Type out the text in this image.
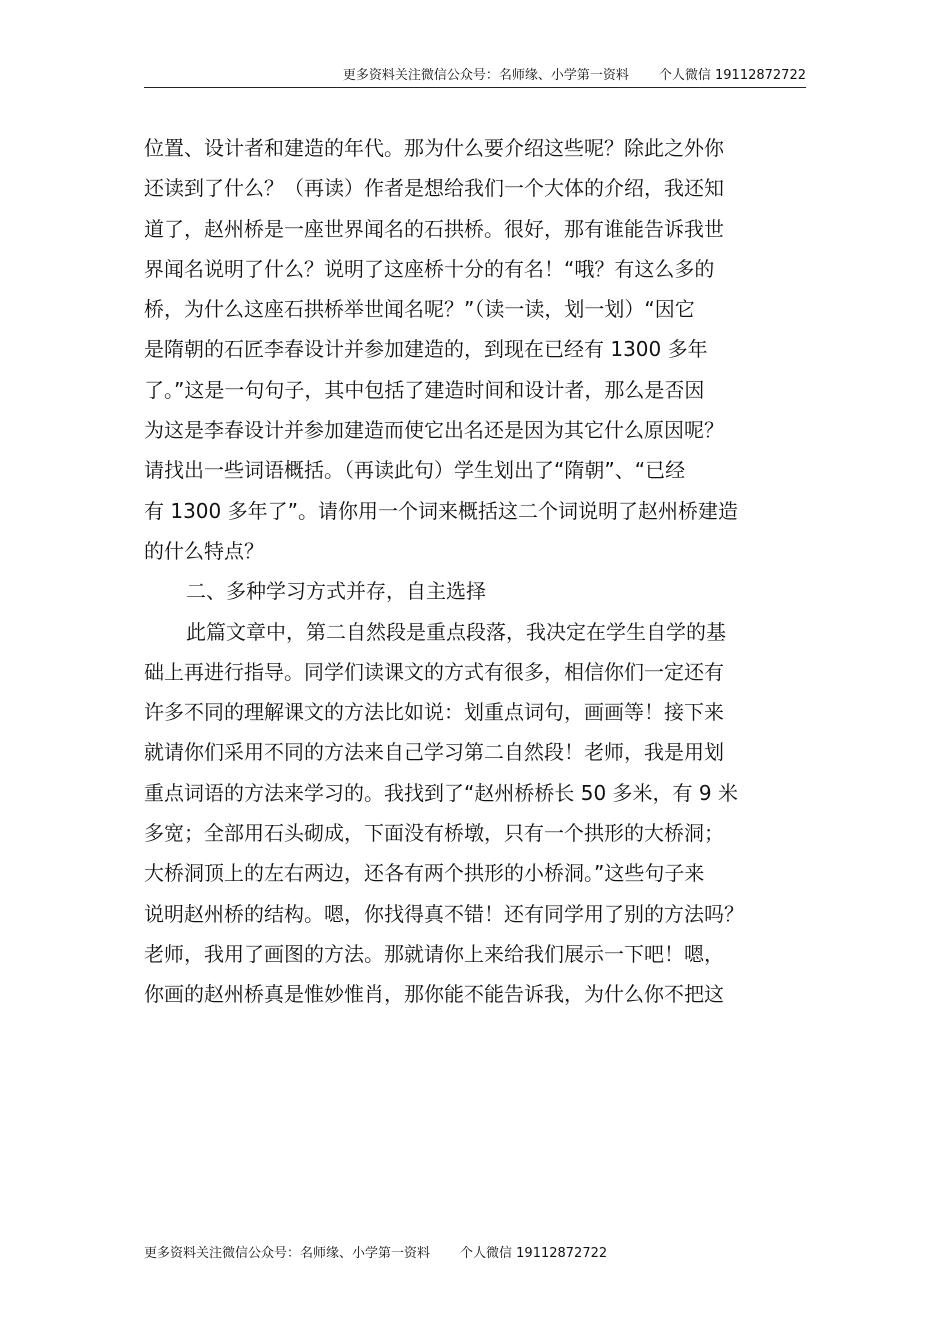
更多资料关注微信公众号：名师缘、小学第一资料 个人微信 19112872722
位置、设计者和建造的年代。那为什么要介绍这些呢？除此之外你
还读到了什么？（再读）作者是想给我们一个大体的介绍，我还知
道了，赵州桥是一座世界闻名的石拱桥。很好，那有谁能告诉我世
界闻名说明了什么？说明了这座桥十分的有名！“哦？有这么多的
桥，为什么这座石拱桥举世闻名呢？”（读一读，划一划）“因它
是隋朝的石匠李春设计并参加建造的，到现在已经有 1300 多年
了。”这是一句句子，其中包括了建造时间和设计者，那么是否因
为这是李春设计并参加建造而使它出名还是因为其它什么原因呢？
请找出一些词语概括。（再读此句）学生划出了“隋朝”、“已经
有 1300 多年了”。请你用一个词来概括这二个词说明了赵州桥建造
的什么特点？
二、多种学习方式并存，自主选择
此篇文章中，第二自然段是重点段落，我决定在学生自学的基
础上再进行指导。同学们读课文的方式有很多，相信你们一定还有
许多不同的理解课文的方法比如说：划重点词句，画画等！接下来
就请你们采用不同的方法来自己学习第二自然段！老师，我是用划
重点词语的方法来学习的。我找到了“赵州桥桥长 50 多米，有 9 米
多宽；全部用石头砌成，下面没有桥墩，只有一个拱形的大桥洞；
大桥洞顶上的左右两边，还各有两个拱形的小桥洞。”这些句子来
说明赵州桥的结构。嗯，你找得真不错！还有同学用了别的方法吗？
老师，我用了画图的方法。那就请你上来给我们展示一下吧！嗯，
你画的赵州桥真是惟妙惟肖，那你能不能告诉我，为什么你不把这
更多资料关注微信公众号：名师缘、小学第一资料 个人微信 19112872722
